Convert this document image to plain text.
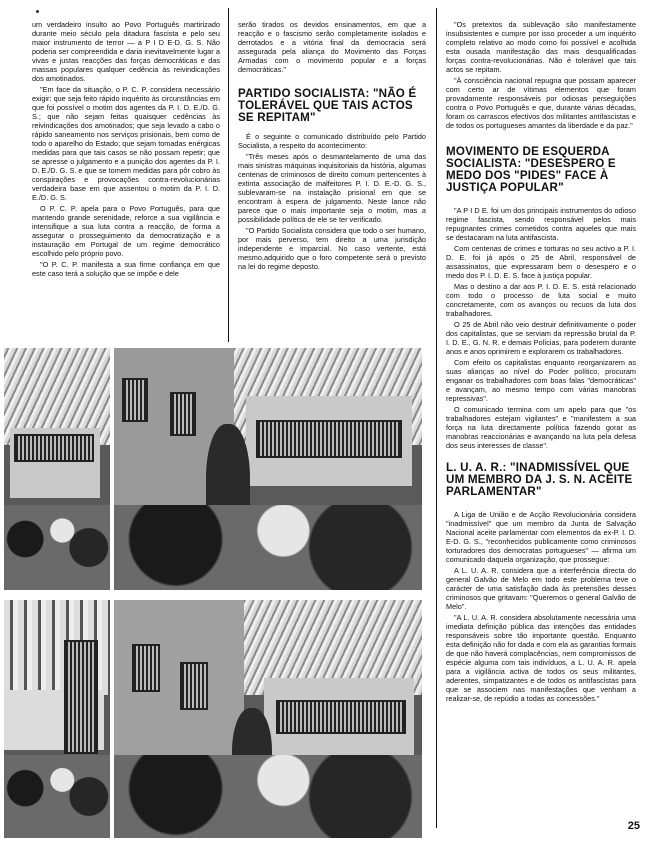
um verdadeiro insulto ao Povo Português martirizado durante meio século pela ditadura fascista e pelo seu maior instrumento de terror — a P I D E-D. G. S. Não poderia ser compreendida e daria inevitavelmente lugar a vivas e justas reacções das forças democráticas e das massas populares qualquer cedência às reivindicações dos amotinados.

"Em face da situação, o P. C. P. considera necessário exigir: que seja feito rápido inquérito às circunstâncias em que foi possível o motim dos agentes da P. I. D. E./D. G. S.; que não sejam feitas quaisquer cedências às reivindicações dos amotinados; que seja levado a cabo o rápido saneamento nos serviços prisionais, bem como de todo o aparelho do Estado; que sejam tomadas enérgicas medidas para que tais casos se não possam repetir; que se apresse o julgamento e a punição dos agentes da P. I. D. E./D. G. S. e que se tomem medidas para pôr cobro às conspirações e provocações contra-revolucionárias verdadeira base em que assentou o motim da P. I. D. E./D. G. S.

O P. C. P. apela para o Povo Português, para que mantendo grande serenidade, reforce a sua vigilância e intensifique a sua luta contra a reacção, de forma a assegurar o prosseguimento da democratização e a instauração em Portugal de um regime democrático escolhido pelo próprio povo.

"O P. C. P. manifesta a sua firme confiança em que este caso terá a solução que se impõe e dele

serão tirados os devidos ensinamentos, em que a reacção e o fascismo serão completamente isolados e derrotados e a vitória final da democracia será assegurada pela aliança do Movimento das Forças Armadas com o movimento popular e a forças democráticas."

PARTIDO SOCIALISTA: "NÃO É TOLERÁVEL QUE TAIS ACTOS SE REPITAM"

É o seguinte o comunicado distribuído pelo Partido Socialista, a respeito do acontecimento:

"Três meses após o desmantelamento de uma das mais sinistras máquinas inquisitoriais da história, algumas centenas de criminosos de direito comum pertencentes à extinta associação de malfeitores P. I. D. E.-D. G. S., sublevaram-se na instalação prisional em que se encontram à espera de julgamento. Neste lance não parece que o mais importante seja o motim, mas a possibilidade política de ele se ter verificado.

"O Partido Socialista considera que todo o ser humano, por mais perverso, tem direito a uma jurisdição independente e imparcial. No caso vertente, está mesmo,adquirido que o foro competente será o previsto na lei do regime deposto.

"Os pretextos da sublevação são manifestamente insubsistentes e cumpre por isso proceder a um inquérito completo relativo ao modo como foi possível e acolhida esta ousada manifestação das mais desqualificadas forças contra-revolucionárias. Não é tolerável que tais actos se repitam.

"À consciência nacional repugna que possam aparecer com certo ar de vítimas elementos que foram provadamente responsáveis por odiosas perseguições contra o Povo Português e que, durante várias décadas, foram os carrascos efectivos dos militantes antifascistas e de todos os portugueses amantes da liberdade e da paz."

MOVIMENTO DE ESQUERDA SOCIALISTA: "DESESPERO E MEDO DOS "PIDES" FACE À JUSTIÇA POPULAR"

"A P I D E. foi um dos principais instrumentos do odioso regime fascista, sendo responsável pelos mais repugnantes crimes cometidos contra aqueles que mais se destacaram na luta antifascista.

Com centenas de crimes e torturas no seu activo a P. I. D. E. foi já após o 25 de Abril, responsável de assassinatos, que expressaram bem o desespero e o medo dos P. I. D. E. S. face à justiça popular.

Mas o destino a dar aos P. I. D. E. S. está relacionado com todo o processo de luta social e muito concretamente, com os avanços ou recuos da luta dos trabalhadores.

O 25 de Abril não veio destruir definitivamente o poder dos capitalistas, que se serviam da repressão brutal da P. I. D. E., G. N. R. e demais Polícias, para poderem durante anos e anos oprimirem e explorarem os trabalhadores.

Com efeito os capitalistas enquanto reorganizarem as suas alianças ao nível do Poder político, procuram enganar os trabalhadores com boas falas "democráticas" e avançam, ao mesmo tempo com várias manobras repressivas".

O comunicado termina com um apelo para que "os trabalhadores estejam vigilantes" e "manifestem a sua força na luta directamente política fazendo gorar as manobras reaccionárias e avançando na luta pela defesa dos seus interesses de classe".

L. U. A. R.: "INADMISSÍVEL QUE UM MEMBRO DA J. S. N. ACEITE PARLAMENTAR"

A Liga de União e de Acção Revolucionária considera "inadmissível" que um membro da Junta de Salvação Nacional aceite parlamentar com elementos da ex-P. I. D. E-D. G. S., "reconhecidos publicamente como criminosos torturadores dos democratas portugueses" — afirma um comunicado daquela organização, que prossegue:

A L. U. A. R. considera que a interferência directa do general Galvão de Melo em todo este problema teve o carácter de uma satisfação dada às pretensões desses criminosos que gritavam: "Queremos o general Galvão de Melo".

"A L. U. A. R. considera absolutamente necessária uma imediata definição pública das intenções das entidades responsáveis sobre tão importante questão. Enquanto esta definição não for dada e com ela as garantias formais de que não haverá complacências, nem compromissos de espécie alguma com tais indivíduos, a L. U. A. R. apela para a vigilância activa de todos os seus militantes, aderentes, simpatizantes e de todos os antifascistas para que se associem nas manifestações que venham a realizar-se, de repúdio a todas as concessões."

25
